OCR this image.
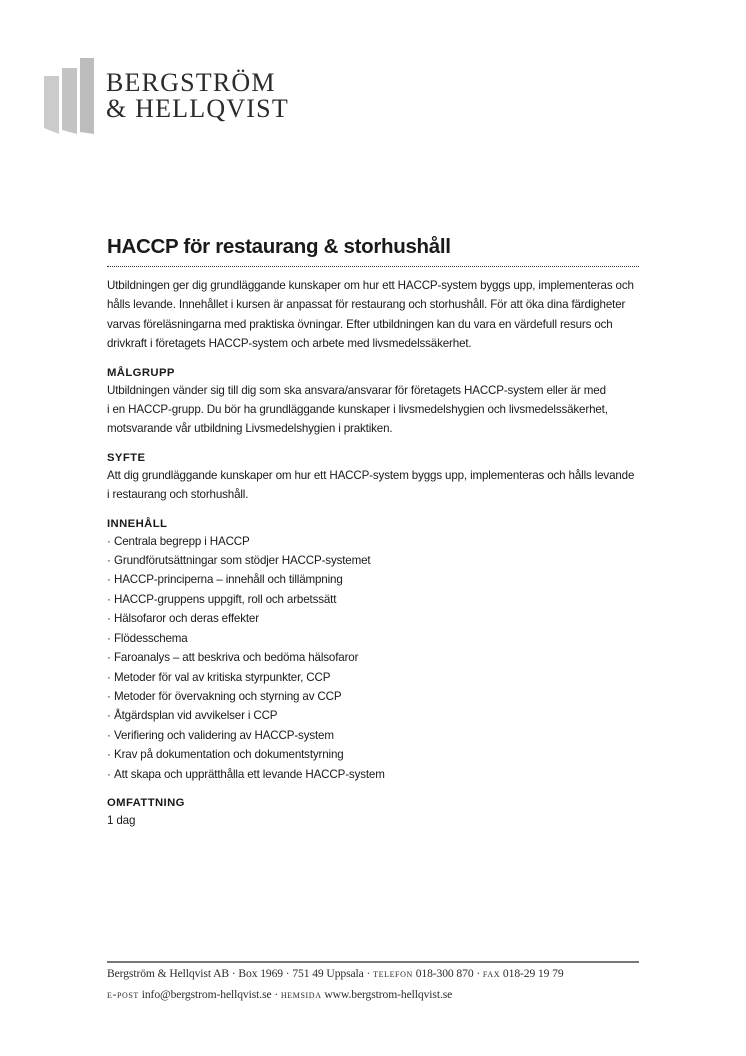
BERGSTRÖM
& HELLQVIST
HACCP för restaurang & storhushåll

Utbildningen ger dig grundläggande kunskaper om hur ett HACCP-system byggs upp, implementeras och

hålls levande. Innehållet i kursen är anpassat för restaurang och storhushåll. För att öka dina färdigheter

varvas föreläsningarna med praktiska övningar. Efter utbildningen kan du vara en värdefull resurs och

drivkraft i företagets HACCP-system och arbete med livsmedelssäkerhet.

MÅLGRUPP

Utbildningen vänder sig till dig som ska ansvara/ansvarar för företagets HACCP-system eller är med

i en HACCP-grupp. Du bör ha grundläggande kunskaper i livsmedelshygien och livsmedelssäkerhet,

motsvarande vår utbildning Livsmedelshygien i praktiken.

SYFTE

Att dig grundläggande kunskaper om hur ett HACCP-system byggs upp, implementeras och hålls levande

i restaurang och storhushåll.

INNEHÅLL
· Centrala begrepp i HACCP
· Grundförutsättningar som stödjer HACCP-systemet
· HACCP-principerna – innehåll och tillämpning
· HACCP-gruppens uppgift, roll och arbetssätt
· Hälsofaror och deras effekter
· Flödesschema
· Faroanalys – att beskriva och bedöma hälsofaror
· Metoder för val av kritiska styrpunkter, CCP
· Metoder för övervakning och styrning av CCP
· Åtgärdsplan vid avvikelser i CCP
· Verifiering och validering av HACCP-system
· Krav på dokumentation och dokumentstyrning
· Att skapa och upprätthålla ett levande HACCP-system
OMFATTNING

1 dag

Bergström & Hellqvist AB · Box 1969 · 751 49 Uppsala · telefon 018-300 870 · fax 018-29 19 79
e-post info@bergstrom-hellqvist.se · hemsida www.bergstrom-hellqvist.se
